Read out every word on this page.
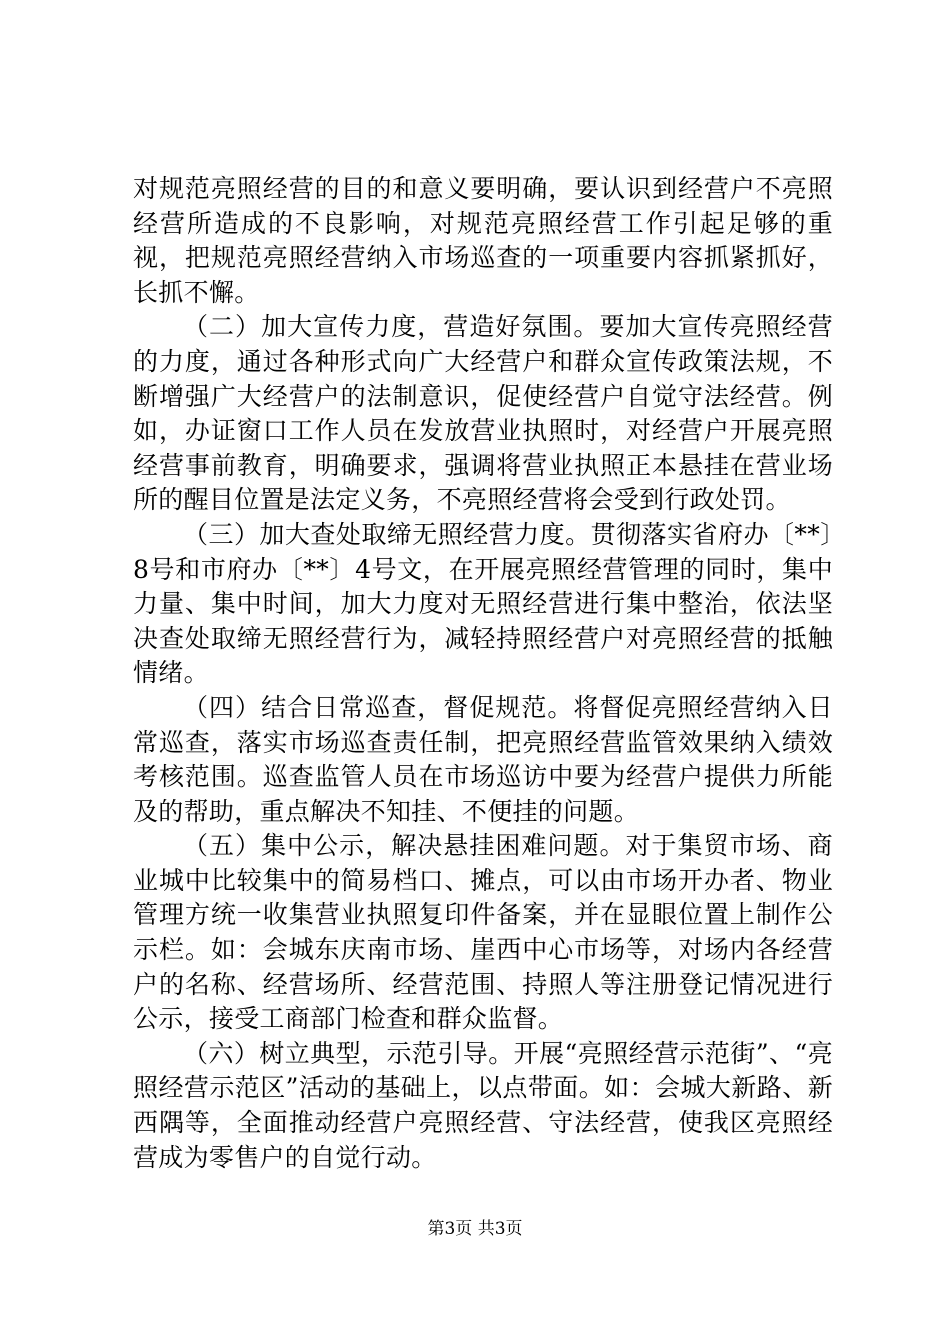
对规范亮照经营的目的和意义要明确，要认识到经营户不亮照经营所造成的不良影响，对规范亮照经营工作引起足够的重视，把规范亮照经营纳入市场巡查的一项重要内容抓紧抓好，长抓不懈。

（二）加大宣传力度，营造好氛围。要加大宣传亮照经营的力度，通过各种形式向广大经营户和群众宣传政策法规，不断增强广大经营户的法制意识，促使经营户自觉守法经营。例如，办证窗口工作人员在发放营业执照时，对经营户开展亮照经营事前教育，明确要求，强调将营业执照正本悬挂在营业场所的醒目位置是法定义务，不亮照经营将会受到行政处罚。

（三）加大查处取缔无照经营力度。贯彻落实省府办〔**〕8号和市府办〔**〕4号文，在开展亮照经营管理的同时，集中力量、集中时间，加大力度对无照经营进行集中整治，依法坚决查处取缔无照经营行为，减轻持照经营户对亮照经营的抵触情绪。

（四）结合日常巡查，督促规范。将督促亮照经营纳入日常巡查，落实市场巡查责任制，把亮照经营监管效果纳入绩效考核范围。巡查监管人员在市场巡访中要为经营户提供力所能及的帮助，重点解决不知挂、不便挂的问题。

（五）集中公示，解决悬挂困难问题。对于集贸市场、商业城中比较集中的简易档口、摊点，可以由市场开办者、物业管理方统一收集营业执照复印件备案，并在显眼位置上制作公示栏。如：会城东庆南市场、崖西中心市场等，对场内各经营户的名称、经营场所、经营范围、持照人等注册登记情况进行公示，接受工商部门检查和群众监督。

（六）树立典型，示范引导。开展“亮照经营示范街”、“亮照经营示范区”活动的基础上，以点带面。如：会城大新路、新西隅等，全面推动经营户亮照经营、守法经营，使我区亮照经营成为零售户的自觉行动。

第3页 共3页
